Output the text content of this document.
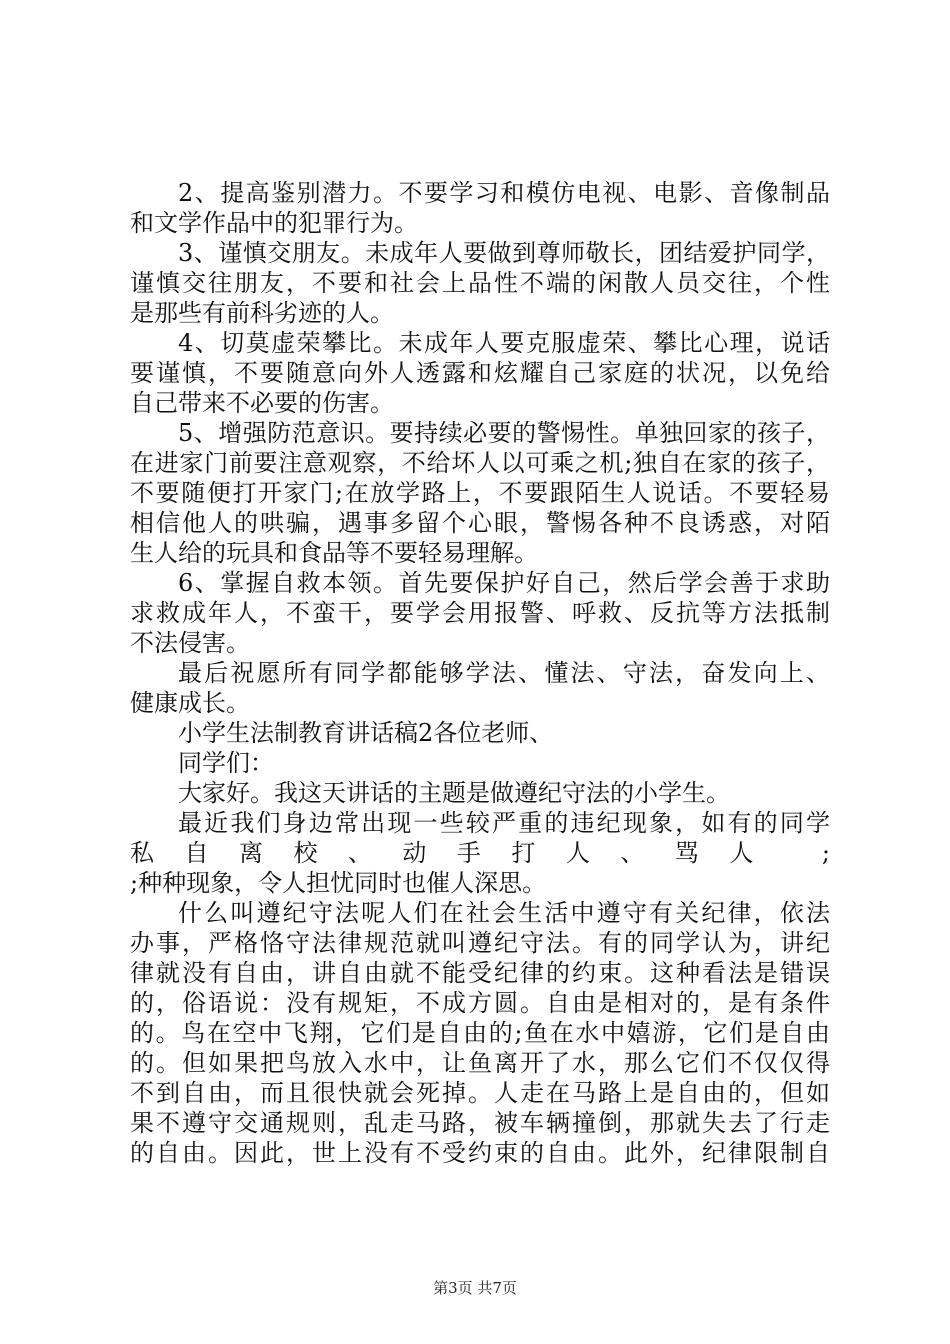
2、提高鉴别潜力。不要学习和模仿电视、电影、音像制品
和文学作品中的犯罪行为。
3、谨慎交朋友。未成年人要做到尊师敬长，团结爱护同学，
谨慎交往朋友，不要和社会上品性不端的闲散人员交往，个性
是那些有前科劣迹的人。
4、切莫虚荣攀比。未成年人要克服虚荣、攀比心理，说话
要谨慎，不要随意向外人透露和炫耀自己家庭的状况，以免给
自己带来不必要的伤害。
5、增强防范意识。要持续必要的警惕性。单独回家的孩子，
在进家门前要注意观察，不给坏人以可乘之机;独自在家的孩子，
不要随便打开家门;在放学路上，不要跟陌生人说话。不要轻易
相信他人的哄骗，遇事多留个心眼，警惕各种不良诱惑，对陌
生人给的玩具和食品等不要轻易理解。
6、掌握自救本领。首先要保护好自己，然后学会善于求助
求救成年人，不蛮干，要学会用报警、呼救、反抗等方法抵制
不法侵害。
最后祝愿所有同学都能够学法、懂法、守法，奋发向上、
健康成长。
小学生法制教育讲话稿2各位老师、
同学们：
大家好。我这天讲话的主题是做遵纪守法的小学生。
最近我们身边常出现一些较严重的违纪现象，如有的同学
私自离校、动手打人、骂人 ;
;种种现象，令人担忧同时也催人深思。
什么叫遵纪守法呢人们在社会生活中遵守有关纪律，依法
办事，严格恪守法律规范就叫遵纪守法。有的同学认为，讲纪
律就没有自由，讲自由就不能受纪律的约束。这种看法是错误
的，俗语说：没有规矩，不成方圆。自由是相对的，是有条件
的。鸟在空中飞翔，它们是自由的;鱼在水中嬉游，它们是自由
的。但如果把鸟放入水中，让鱼离开了水，那么它们不仅仅得
不到自由，而且很快就会死掉。人走在马路上是自由的，但如
果不遵守交通规则，乱走马路，被车辆撞倒，那就失去了行走
的自由。因此，世上没有不受约束的自由。此外，纪律限制自
第3页 共7页
